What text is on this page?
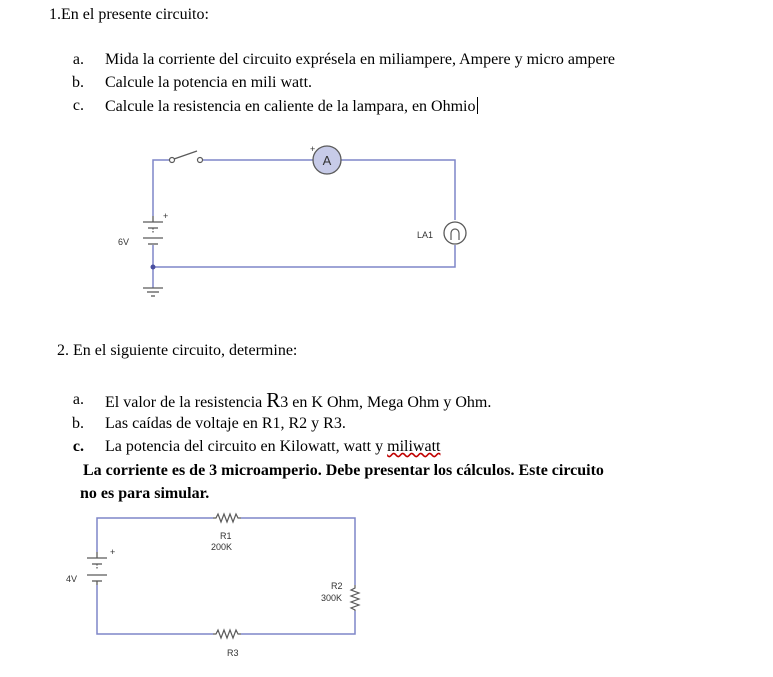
1.En el presente circuito:
a. Mida la corriente del circuito exprésela en miliampere, Ampere y micro ampere
b. Calcule la potencia en mili watt.
c. Calcule la resistencia en caliente de la lampara, en Ohmio
A
+
+
6V
LA1
2. En el siguiente circuito, determine:
a. El valor de la resistencia R3 en K Ohm, Mega Ohm y Ohm.
b. Las caídas de voltaje en R1, R2 y R3.
c. La potencia del circuito en Kilowatt, watt y miliwatt
La corriente es de 3 microamperio. Debe presentar los cálculos. Este circuito
no es para simular.
R1
200K
R2
300K
R3
+
4V
